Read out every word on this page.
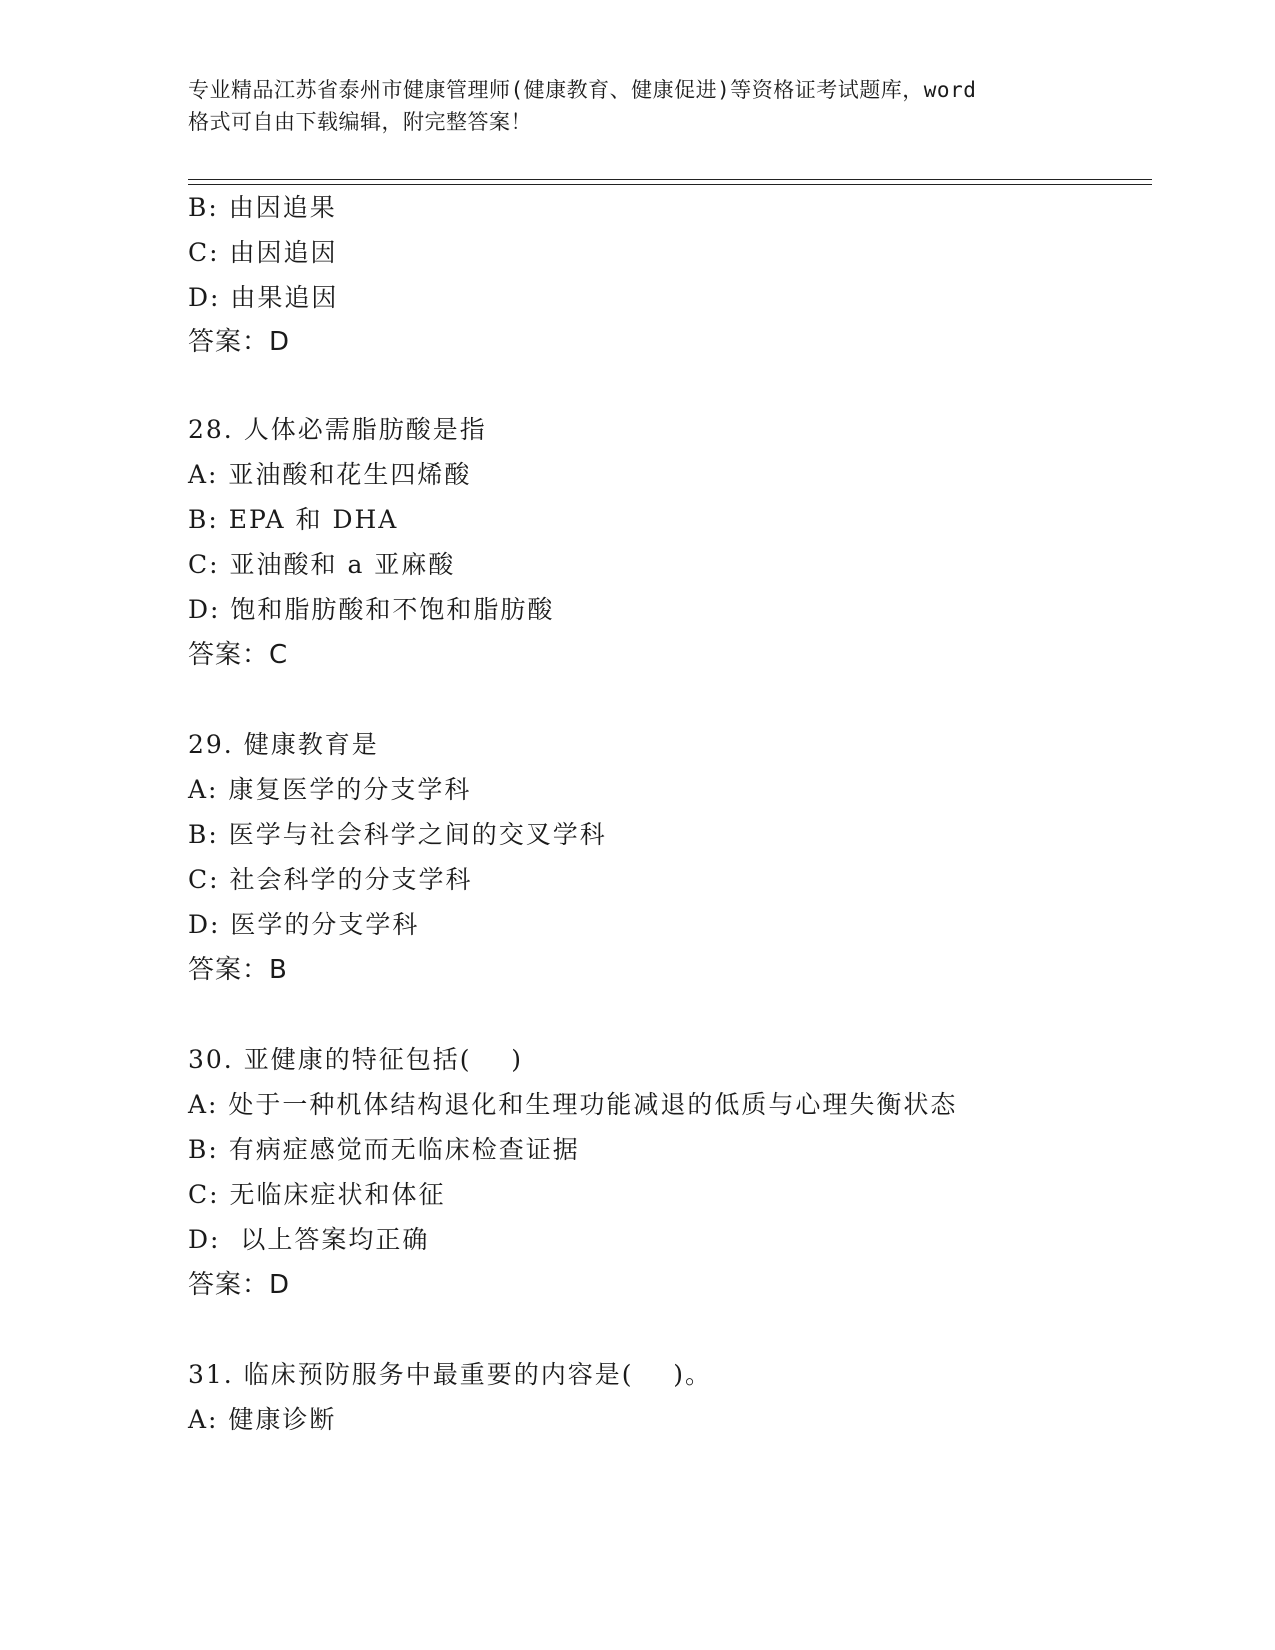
专业精品江苏省泰州市健康管理师(健康教育、健康促进)等资格证考试题库，word
格式可自由下载编辑，附完整答案！
B: 由因追果
C: 由因追因
D: 由果追因
答案：D
28. 人体必需脂肪酸是指
A: 亚油酸和花生四烯酸
B: EPA 和 DHA
C: 亚油酸和 a 亚麻酸
D: 饱和脂肪酸和不饱和脂肪酸
答案：C
29. 健康教育是
A: 康复医学的分支学科
B: 医学与社会科学之间的交叉学科
C: 社会科学的分支学科
D: 医学的分支学科
答案：B
30. 亚健康的特征包括(    )
A: 处于一种机体结构退化和生理功能减退的低质与心理失衡状态
B: 有病症感觉而无临床检查证据
C: 无临床症状和体征
D:  以上答案均正确
答案：D
31. 临床预防服务中最重要的内容是(    )。
A: 健康诊断
